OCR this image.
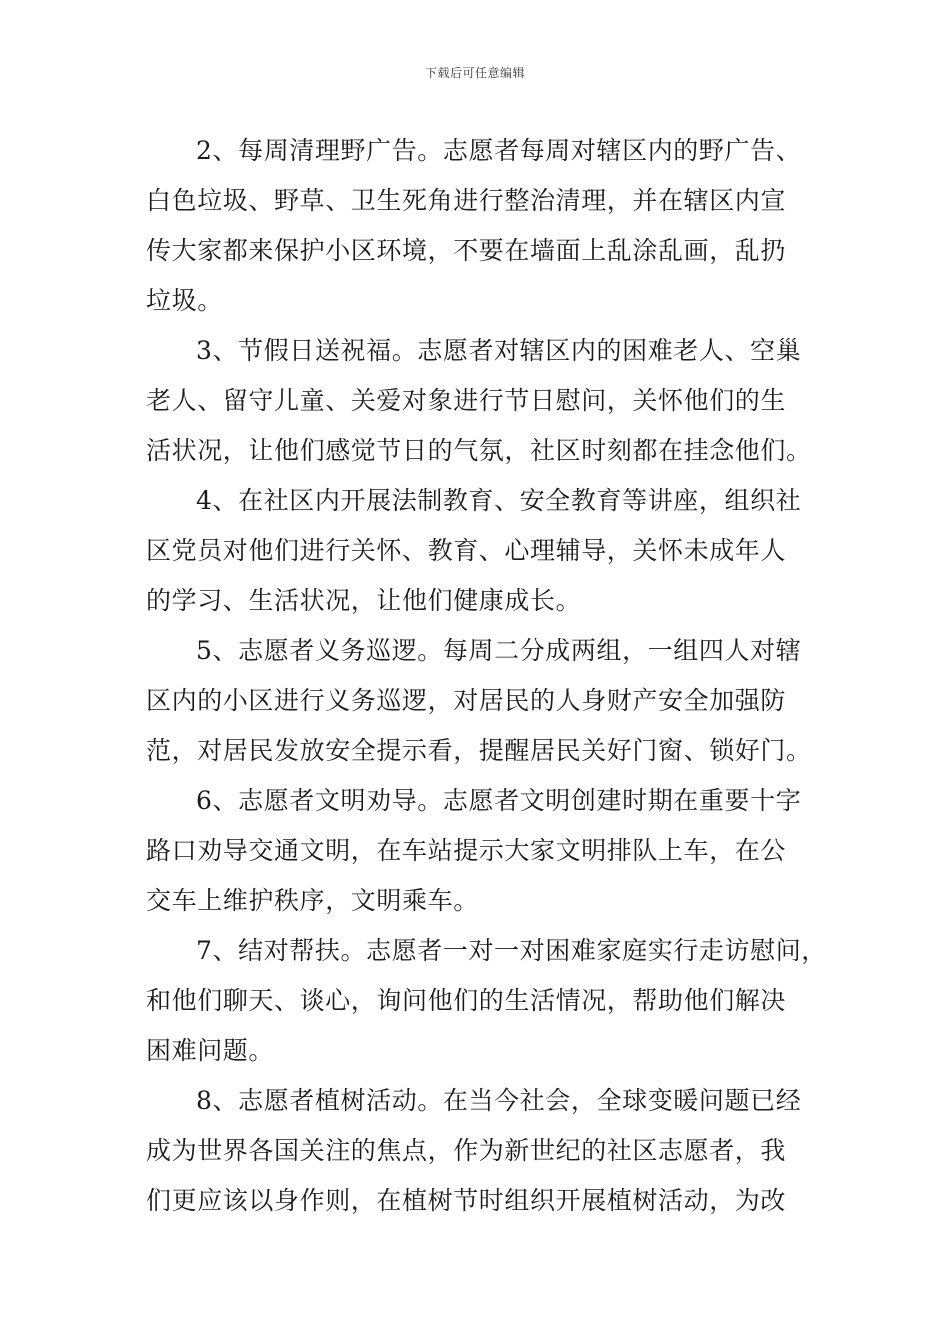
下载后可任意编辑
2、每周清理野广告。志愿者每周对辖区内的野广告、
白色垃圾、野草、卫生死角进行整治清理，并在辖区内宣
传大家都来保护小区环境，不要在墙面上乱涂乱画，乱扔
垃圾。
3、节假日送祝福。志愿者对辖区内的困难老人、空巢
老人、留守儿童、关爱对象进行节日慰问，关怀他们的生
活状况，让他们感觉节日的气氛，社区时刻都在挂念他们。
4、在社区内开展法制教育、安全教育等讲座，组织社
区党员对他们进行关怀、教育、心理辅导，关怀未成年人
的学习、生活状况，让他们健康成长。
5、志愿者义务巡逻。每周二分成两组，一组四人对辖
区内的小区进行义务巡逻，对居民的人身财产安全加强防
范，对居民发放安全提示看，提醒居民关好门窗、锁好门。
6、志愿者文明劝导。志愿者文明创建时期在重要十字
路口劝导交通文明，在车站提示大家文明排队上车，在公
交车上维护秩序，文明乘车。
7、结对帮扶。志愿者一对一对困难家庭实行走访慰问，
和他们聊天、谈心，询问他们的生活情况，帮助他们解决
困难问题。
8、志愿者植树活动。在当今社会，全球变暖问题已经
成为世界各国关注的焦点，作为新世纪的社区志愿者，我
们更应该以身作则，在植树节时组织开展植树活动，为改
